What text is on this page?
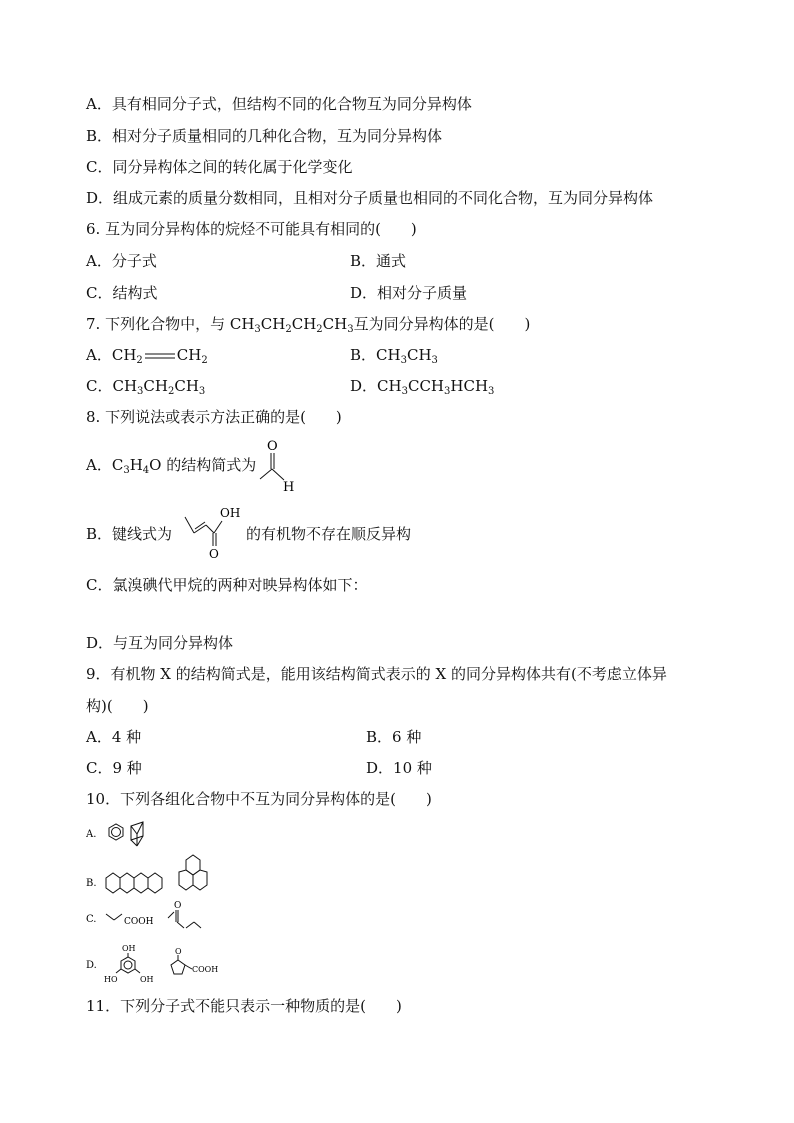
A．具有相同分子式，但结构不同的化合物互为同分异构体
B．相对分子质量相同的几种化合物，互为同分异构体
C．同分异构体之间的转化属于化学变化
D．组成元素的质量分数相同，且相对分子质量也相同的不同化合物，互为同分异构体
6. 互为同分异构体的烷烃不可能具有相同的(　　)
A．分子式	B．通式
C．结构式	D．相对分子质量
7. 下列化合物中，与 $CH_3CH_2CH_2CH_3$互为同分异构体的是(　　)
A．$CH_2$ $CH_2$	B．$CH_3CH_3$
C．$CH_3CH_2CH_3$	D．$CH_3CCH_3HCH_3$
8. 下列说法或表示方法正确的是(　　)
A．$C_3H_4O$ 的结构简式为
O
H
B．键线式为
OH
O
的有机物不存在顺反异构
C．氯溴碘代甲烷的两种对映异构体如下：
D．与互为同分异构体
9．有机物 X 的结构简式是，能用该结构简式表示的 X 的同分异构体共有(不考虑立体异
构)(　　)
A．4 种	B．6 种
C．9 种	D．10 种
10．下列各组化合物中不互为同分异构体的是(　　)
A.
B.
C.	COOH
O
D.
OH
HO	OH
O
COOH
11．下列分子式不能只表示一种物质的是(　　)
